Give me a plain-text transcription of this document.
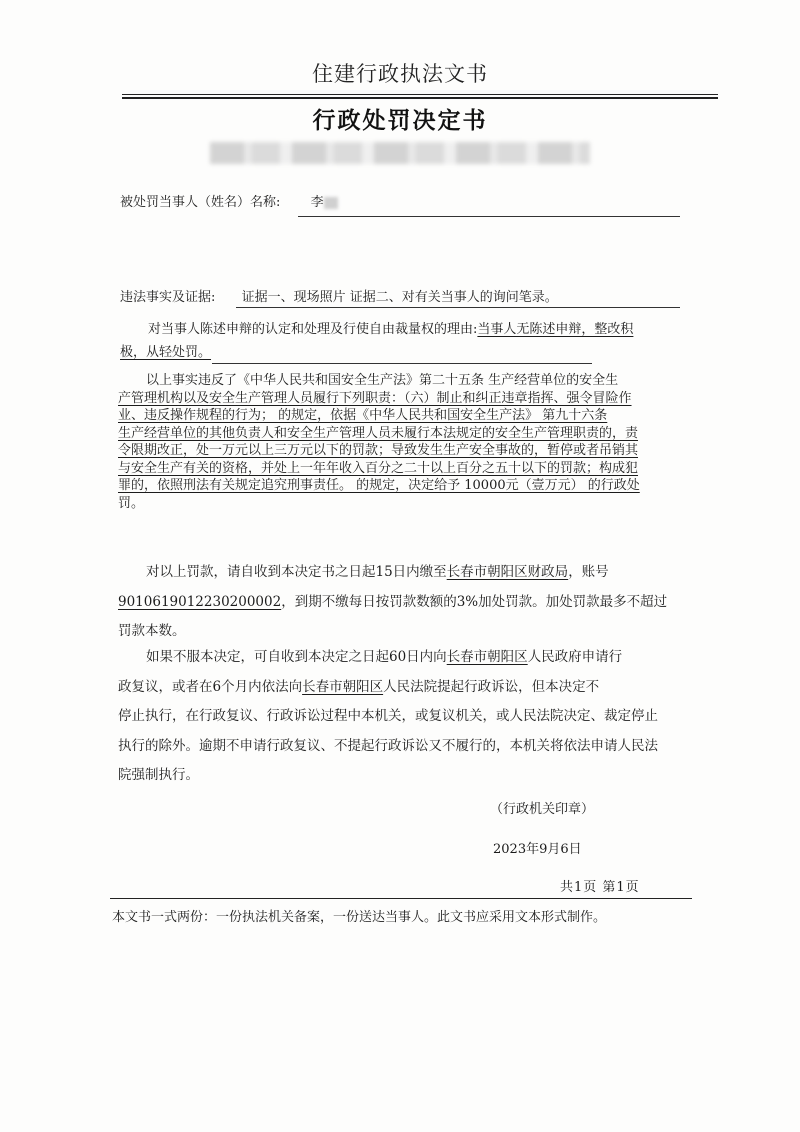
住建行政执法文书
行政处罚决定书
被处罚当事人（姓名）名称: 李
违法事实及证据: 证据一、现场照片 证据二、对有关当事人的询问笔录。
对当事人陈述申辩的认定和处理及行使自由裁量权的理由:当事人无陈述申辩，整改积
极，从轻处罚。
以上事实违反了《中华人民共和国安全生产法》第二十五条 生产经营单位的安全生
产管理机构以及安全生产管理人员履行下列职责：（六）制止和纠正违章指挥、强令冒险作
业、违反操作规程的行为； 的规定，依据《中华人民共和国安全生产法》 第九十六条
生产经营单位的其他负责人和安全生产管理人员未履行本法规定的安全生产管理职责的，责
令限期改正，处一万元以上三万元以下的罚款；导致发生生产安全事故的，暂停或者吊销其
与安全生产有关的资格，并处上一年年收入百分之二十以上百分之五十以下的罚款；构成犯
罪的，依照刑法有关规定追究刑事责任。 的规定，决定给予 10000元（壹万元） 的行政处
罚。
对以上罚款，请自收到本决定书之日起15日内缴至长春市朝阳区财政局，账号
9010619012230200002，到期不缴每日按罚款数额的3%加处罚款。加处罚款最多不超过
罚款本数。
如果不服本决定，可自收到本决定之日起60日内向长春市朝阳区人民政府申请行
政复议，或者在6个月内依法向长春市朝阳区人民法院提起行政诉讼，但本决定不
停止执行，在行政复议、行政诉讼过程中本机关，或复议机关，或人民法院决定、裁定停止
执行的除外。逾期不申请行政复议、不提起行政诉讼又不履行的，本机关将依法申请人民法
院强制执行。
（行政机关印章）
2023年9月6日
共1页 第1页
本文书一式两份：一份执法机关备案，一份送达当事人。此文书应采用文本形式制作。
